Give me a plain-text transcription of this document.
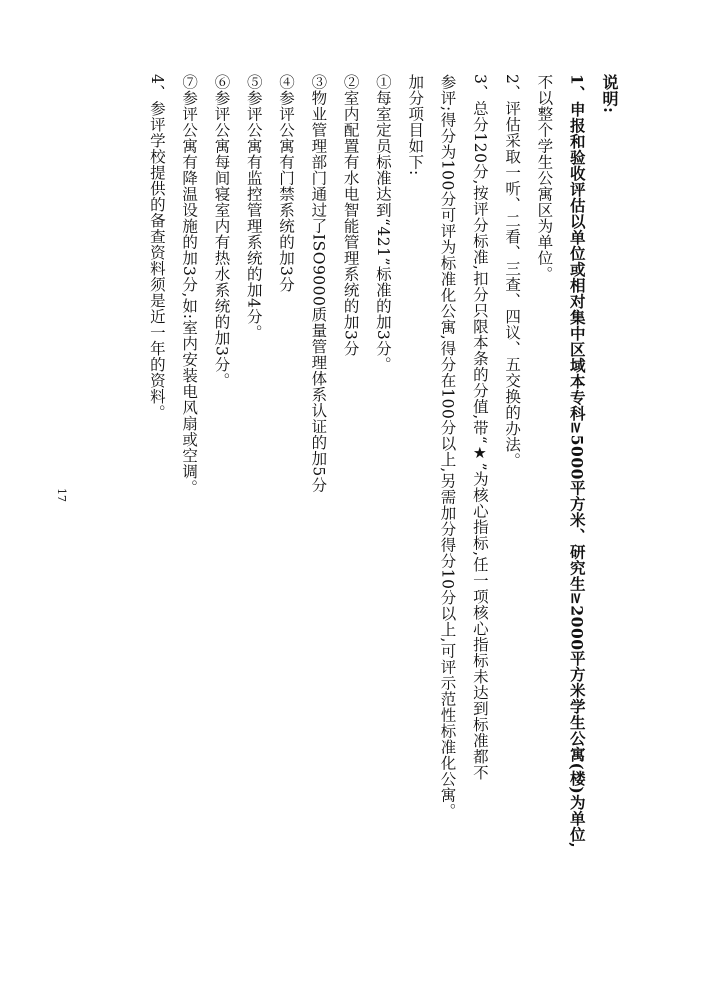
说明:
1、申报和验收评估以单位或相对集中区域本专科≥5000平方米、研究生≥2000平方米学生公寓(楼)为单位,
不以整个学生公寓区为单位。
2、评估采取一听、二看、三查、四议、五交换的办法。
3、总分120分,按评分标准,扣分只限本条的分值,带“★”为核心指标,任一项核心指标未达到标准都不
参评;得分为100分可评为标准化公寓,得分在100分以上,另需加分得分10分以上,可评示范性标准化公寓。
加分项目如下:
①每室定员标准达到“421”标准的加3分。
②室内配置有水电智能管理系统的加3分
③物业管理部门通过了ISO9000质量管理体系认证的加5分
④参评公寓有门禁系统的加3分
⑤参评公寓有监控管理系统的加4分。
⑥参评公寓每间寝室内有热水系统的加3分。
⑦参评公寓有降温设施的加3分,如:室内安装电风扇或空调。
4、参评学校提供的备查资料须是近一年的资料。
17
